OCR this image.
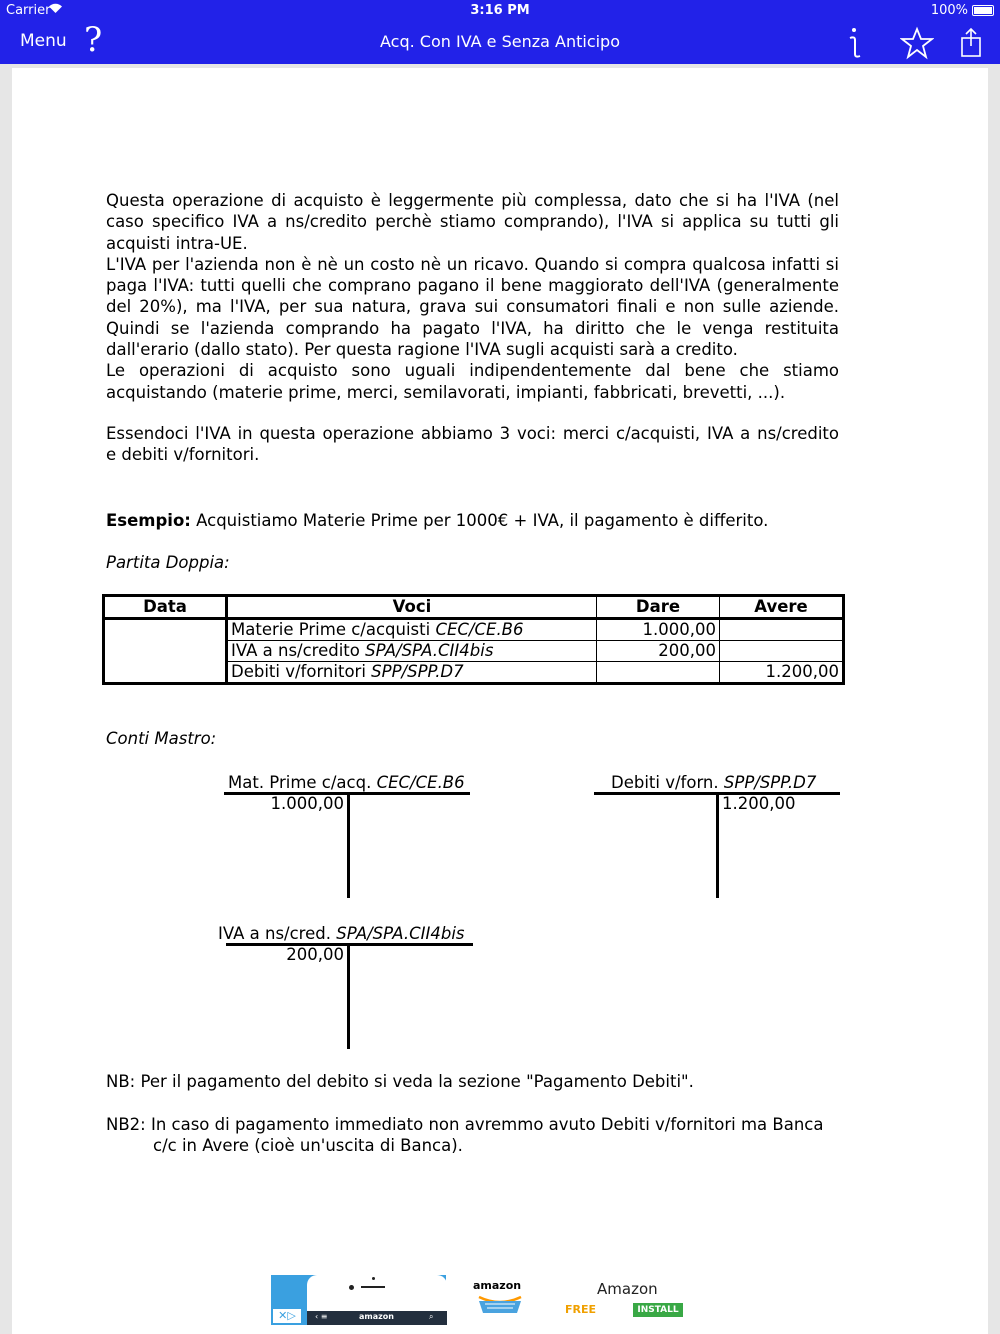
Carrier	3:16 PM	100%
Menu ?	Acq. Con IVA e Senza Anticipo
Questa operazione di acquisto è leggermente più complessa, dato che si ha l'IVA (nel
caso specifico IVA a ns/credito perchè stiamo comprando), l'IVA si applica su tutti gli
acquisti intra-UE.
L'IVA per l'azienda non è nè un costo nè un ricavo. Quando si compra qualcosa infatti si
paga l'IVA: tutti quelli che comprano pagano il bene maggiorato dell'IVA (generalmente
del 20%), ma l'IVA, per sua natura, grava sui consumatori finali e non sulle aziende.
Quindi se l'azienda comprando ha pagato l'IVA, ha diritto che le venga restituita
dall'erario (dallo stato). Per questa ragione l'IVA sugli acquisti sarà a credito.
Le operazioni di acquisto sono uguali indipendentemente dal bene che stiamo
acquistando (materie prime, merci, semilavorati, impianti, fabbricati, brevetti, ...).
Essendoci l'IVA in questa operazione abbiamo 3 voci: merci c/acquisti, IVA a ns/credito
e debiti v/fornitori.
Esempio: Acquistiamo Materie Prime per 1000€ + IVA, il pagamento è differito.
Partita Doppia:
Data	Voci	Dare	Avere
	Materie Prime c/acquisti CEC/CE.B6	1.000,00	
	IVA a ns/credito SPA/SPA.CII4bis	200,00	
	Debiti v/fornitori SPP/SPP.D7		1.200,00
Conti Mastro:
Mat. Prime c/acq. CEC/CE.B6
1.000,00
Debiti v/forn. SPP/SPP.D7
1.200,00
IVA a ns/cred. SPA/SPA.CII4bis
200,00
NB: Per il pagamento del debito si veda la sezione "Pagamento Debiti".
NB2: In caso di pagamento immediato non avremmo avuto Debiti v/fornitori ma Banca
c/c in Avere (cioè un'uscita di Banca).
‹ ≡	amazon	⌕
✕▷
amazon	Amazon
FREE	INSTALL
